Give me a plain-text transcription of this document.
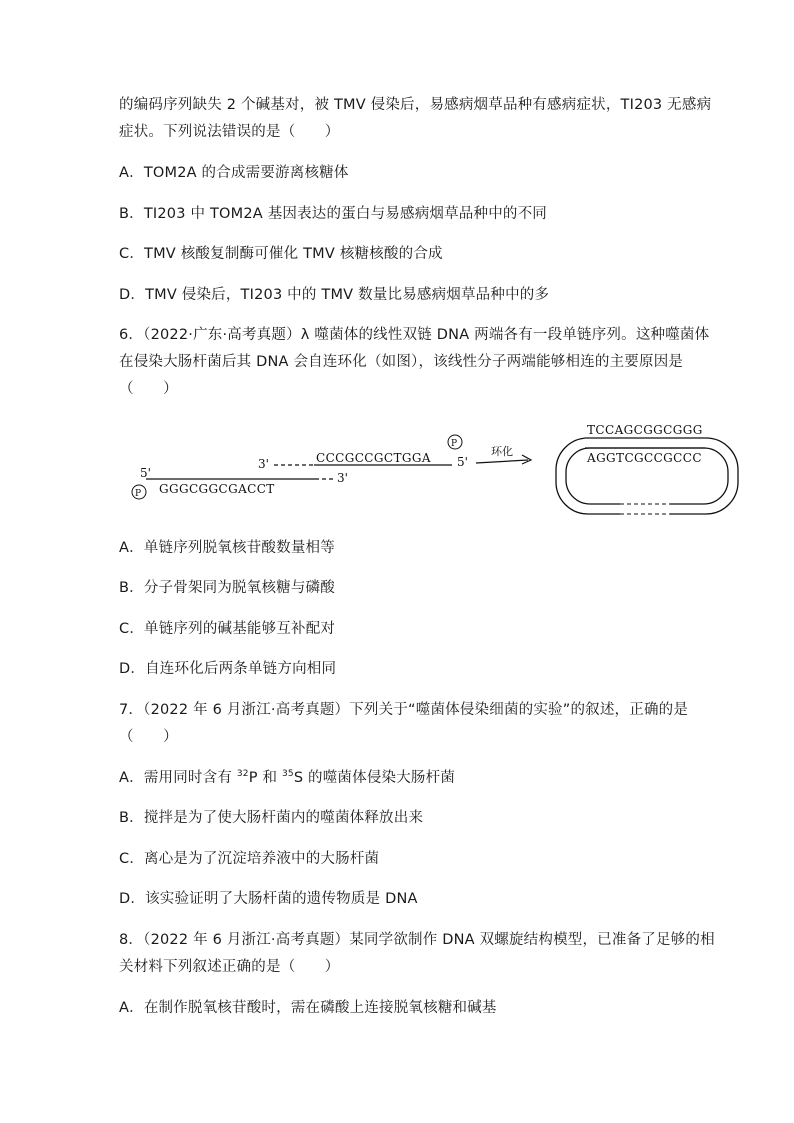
的编码序列缺失 2 个碱基对，被 TMV 侵染后，易感病烟草品种有感病症状，TI203 无感病
症状。下列说法错误的是（　　）
A．TOM2A 的合成需要游离核糖体
B．TI203 中 TOM2A 基因表达的蛋白与易感病烟草品种中的不同
C．TMV 核酸复制酶可催化 TMV 核糖核酸的合成
D．TMV 侵染后，TI203 中的 TMV 数量比易感病烟草品种中的多
6．（2022·广东·高考真题）λ 噬菌体的线性双链 DNA 两端各有一段单链序列。这种噬菌体
在侵染大肠杆菌后其 DNA 会自连环化（如图），该线性分子两端能够相连的主要原因是
（　　）
5'
P GGGCGGCGACCT
3'
3'	CCCGCCGCTGGA
P
5'
环化
TCCAGCGGCGGG
AGGTCGCCGCCC
A．单链序列脱氧核苷酸数量相等
B．分子骨架同为脱氧核糖与磷酸
C．单链序列的碱基能够互补配对
D．自连环化后两条单链方向相同
7．（2022 年 6 月浙江·高考真题）下列关于“噬菌体侵染细菌的实验”的叙述，正确的是
（　　）
A．需用同时含有 $^{32}$P 和 $^{35}$S 的噬菌体侵染大肠杆菌
B．搅拌是为了使大肠杆菌内的噬菌体释放出来
C．离心是为了沉淀培养液中的大肠杆菌
D．该实验证明了大肠杆菌的遗传物质是 DNA
8．（2022 年 6 月浙江·高考真题）某同学欲制作 DNA 双螺旋结构模型，已准备了足够的相
关材料下列叙述正确的是（　　）
A．在制作脱氧核苷酸时，需在磷酸上连接脱氧核糖和碱基
